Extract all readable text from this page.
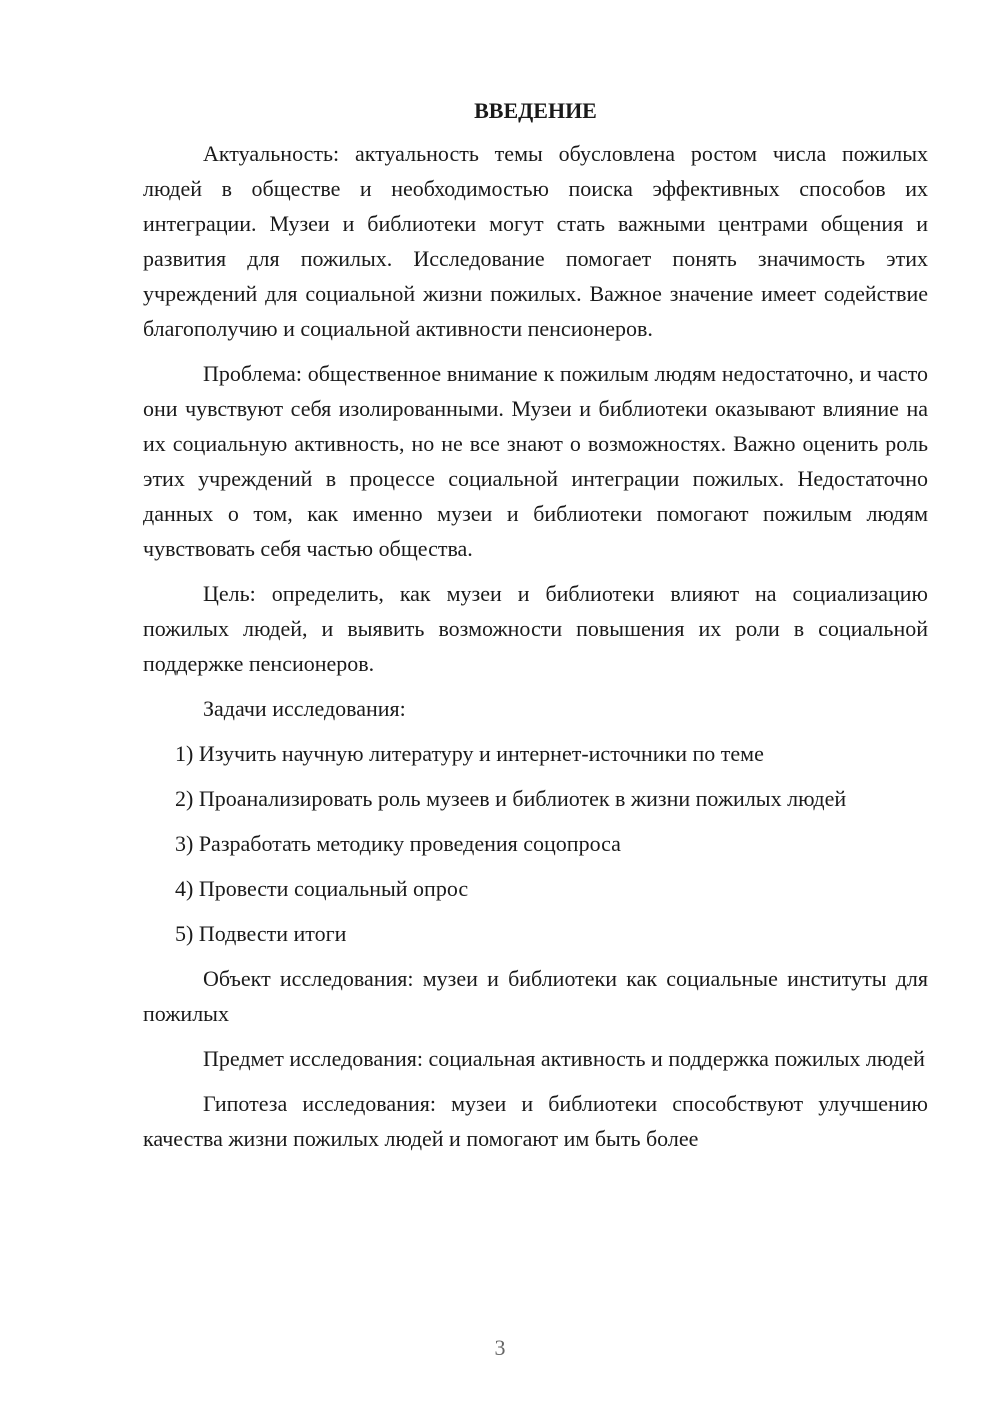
ВВЕДЕНИЕ

Актуальность: актуальность темы обусловлена ростом числа пожилых людей в обществе и необходимостью поиска эффективных способов их интеграции. Музеи и библиотеки могут стать важными центрами общения и развития для пожилых. Исследование помогает понять значимость этих учреждений для социальной жизни пожилых. Важное значение имеет содействие благополучию и социальной активности пенсионеров.

Проблема: общественное внимание к пожилым людям недостаточно, и часто они чувствуют себя изолированными. Музеи и библиотеки оказывают влияние на их социальную активность, но не все знают о возможностях. Важно оценить роль этих учреждений в процессе социальной интеграции пожилых. Недостаточно данных о том, как именно музеи и библиотеки помогают пожилым людям чувствовать себя частью общества.

Цель: определить, как музеи и библиотеки влияют на социализацию пожилых людей, и выявить возможности повышения их роли в социальной поддержке пенсионеров.

Задачи исследования:

1) Изучить научную литературу и интернет-источники по теме

2) Проанализировать роль музеев и библиотек в жизни пожилых людей

3) Разработать методику проведения соцопроса

4) Провести социальный опрос

5) Подвести итоги

Объект исследования: музеи и библиотеки как социальные институты для пожилых

Предмет исследования: социальная активность и поддержка пожилых людей

Гипотеза исследования: музеи и библиотеки способствуют улучшению качества жизни пожилых людей и помогают им быть более

3
